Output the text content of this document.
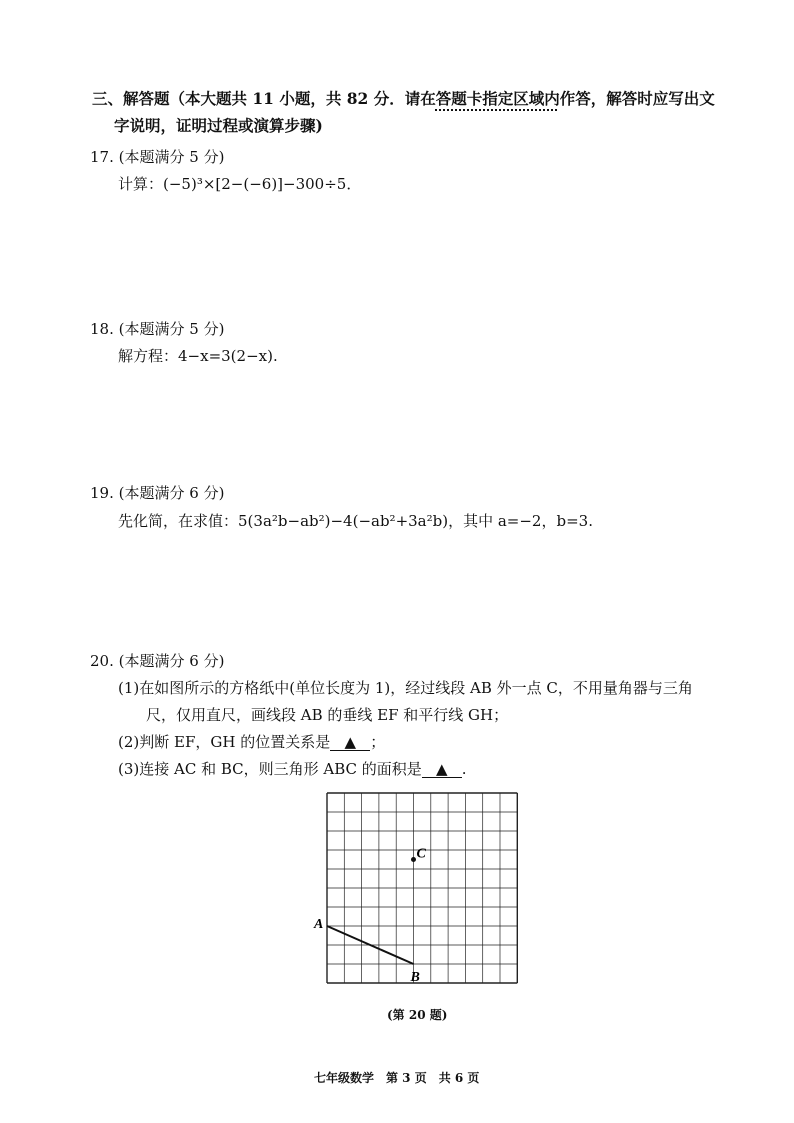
三、解答题（本大题共 11 小题，共 82 分．请在答题卡指定区域内作答，解答时应写出文
字说明，证明过程或演算步骤)
17. (本题满分 5 分)
计算：(−5)³×[2−(−6)]−300÷5．
18. (本题满分 5 分)
解方程：4−x=3(2−x).
19. (本题满分 6 分)
先化简，在求值：5(3a²b−ab²)−4(−ab²+3a²b)，其中 a=−2，b=3.
20. (本题满分 6 分)
(1)在如图所示的方格纸中(单位长度为 1)，经过线段 AB 外一点 C，不用量角器与三角
尺，仅用直尺，画线段 AB 的垂线 EF 和平行线 GH；
(2)判断 EF，GH 的位置关系是 ▲ ；
(3)连接 AC 和 BC，则三角形 ABC 的面积是 ▲ .
C
A
B
(第 20 题)
七年级数学　第 3 页　共 6 页
